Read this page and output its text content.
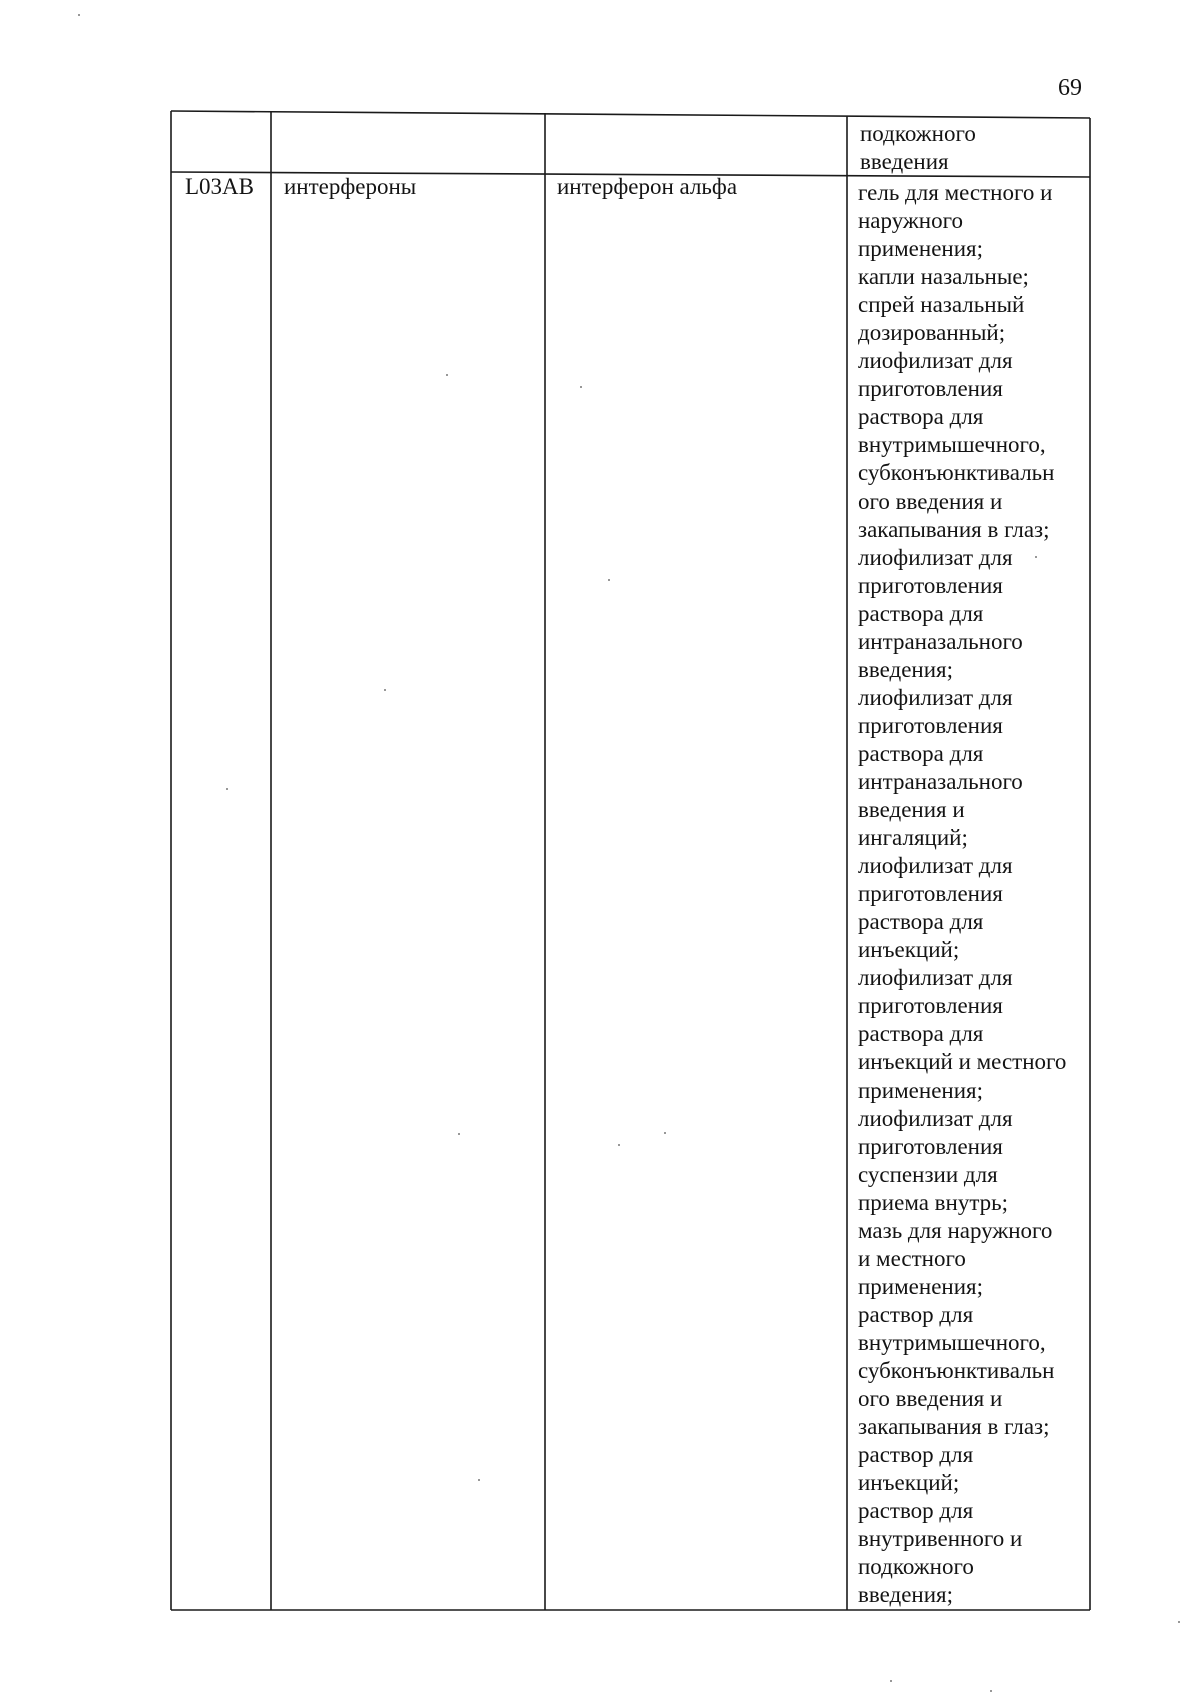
69
подкожного
введения
L03AB интерфероны	интерферон альфа	гель для местного и
наружного
применения;
капли назальные;
спрей назальный
дозированный;
лиофилизат для
приготовления
раствора для
внутримышечного,
субконъюнктивальн
ого введения и
закапывания в глаз;
лиофилизат для
приготовления
раствора для
интраназального
введения;
лиофилизат для
приготовления
раствора для
интраназального
введения и
ингаляций;
лиофилизат для
приготовления
раствора для
инъекций;
лиофилизат для
приготовления
раствора для
инъекций и местного
применения;
лиофилизат для
приготовления
суспензии для
приема внутрь;
мазь для наружного
и местного
применения;
раствор для
внутримышечного,
субконъюнктивальн
ого введения и
закапывания в глаз;
раствор для
инъекций;
раствор для
внутривенного и
подкожного
введения;
